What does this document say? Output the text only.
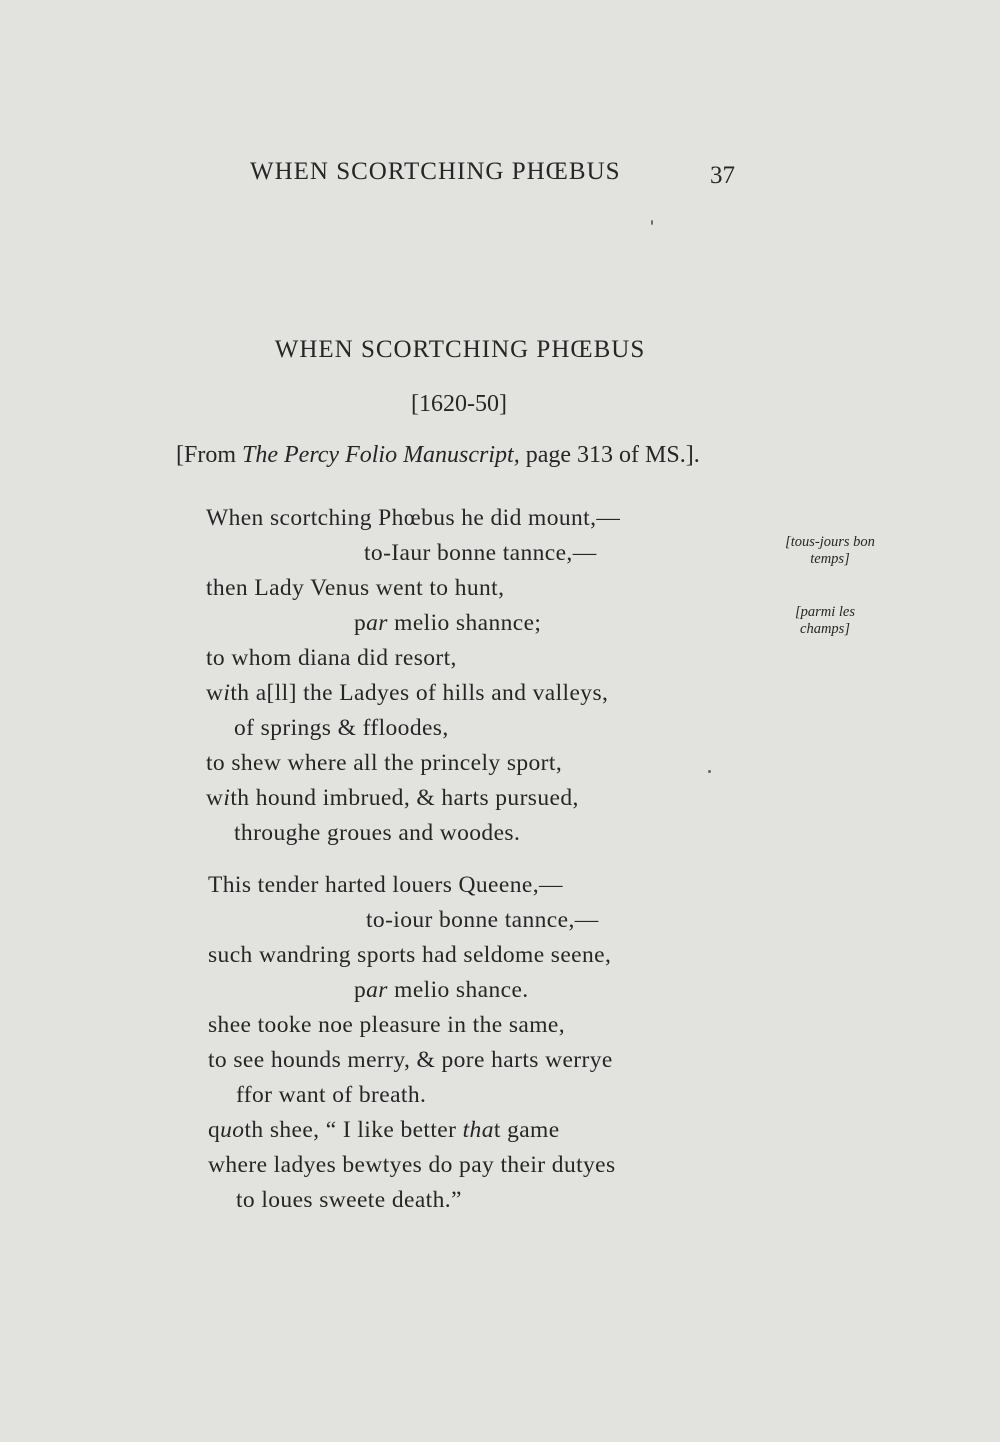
WHEN SCORTCHING PHŒBUS	37
WHEN SCORTCHING PHŒBUS
[1620-50]
[From The Percy Folio Manuscript, page 313 of MS.].
When scortching Phœbus he did mount,—
to-Iaur bonne tannce,—
then Lady Venus went to hunt,
par melio shannce;
to whom diana did resort,
with a[ll] the Ladyes of hills and valleys,
of springs & ffloodes,
to shew where all the princely sport,
with hound imbrued, & harts pursued,
throughe groues and woodes.
This tender harted louers Queene,—
to-iour bonne tannce,—
such wandring sports had seldome seene,
par melio shance.
shee tooke noe pleasure in the same,
to see hounds merry, & pore harts werrye
ffor want of breath.
quoth shee, “ I like better that game
where ladyes bewtyes do pay their dutyes
to loues sweete death.”
[tous-jours bon
temps]
[parmi les
champs]
